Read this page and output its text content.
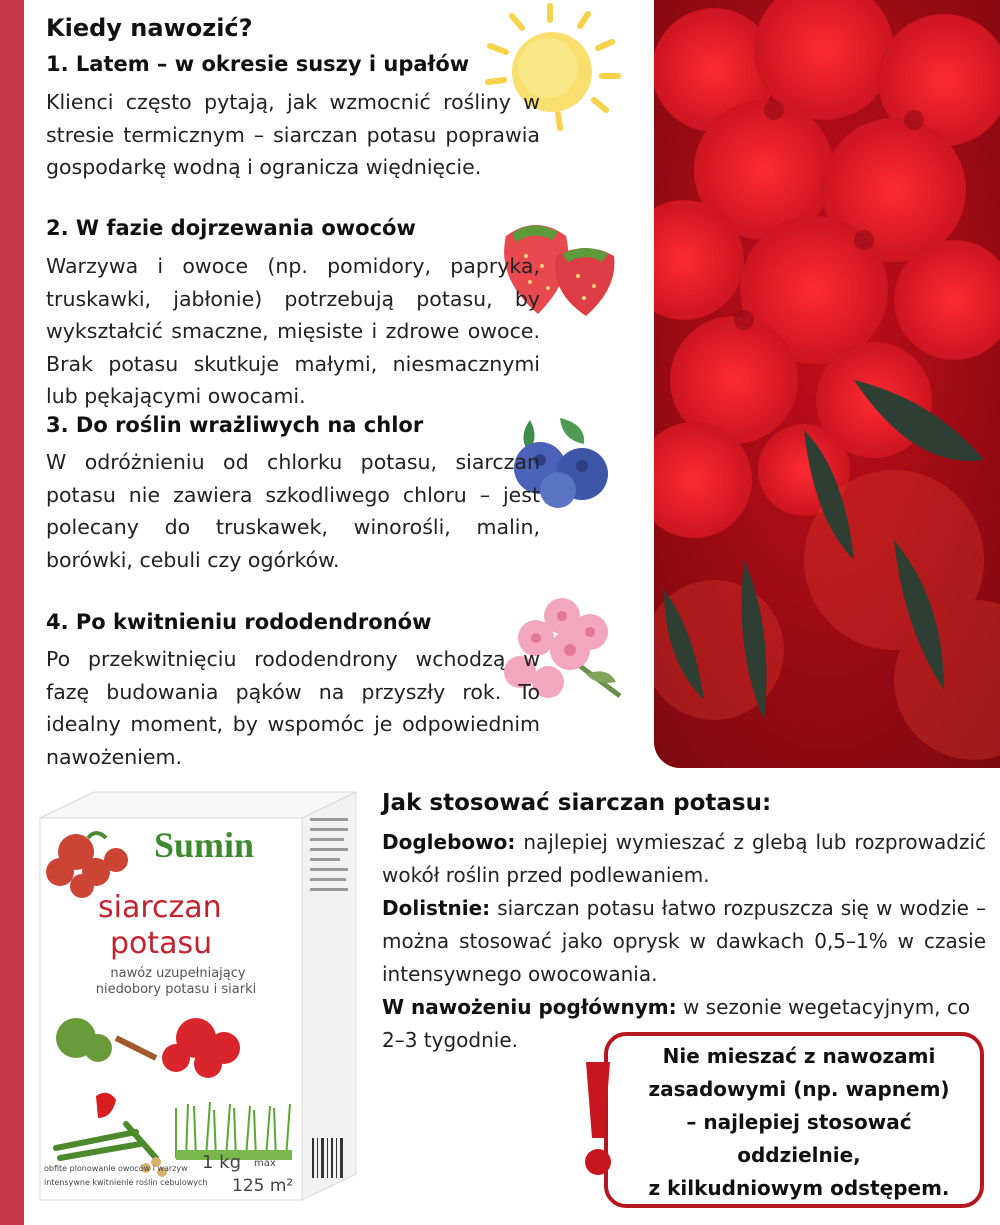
Kiedy nawozić?
1. Latem – w okresie suszy i upałów
Klienci często pytają, jak wzmocnić rośliny w stresie termicznym – siarczan potasu poprawia gospodarkę wodną i ogranicza więdnięcie.
2. W fazie dojrzewania owoców
Warzywa i owoce (np. pomidory, papryka, truskawki, jabłonie) potrzebują potasu, by wykształcić smaczne, mięsiste i zdrowe owoce. Brak potasu skutkuje małymi, niesmacznymi lub pękającymi owocami.
3. Do roślin wrażliwych na chlor
W odróżnieniu od chlorku potasu, siarczan potasu nie zawiera szkodliwego chloru – jest polecany do truskawek, winorośli, malin, borówki, cebuli czy ogórków.
4. Po kwitnieniu rododendronów
Po przekwitnięciu rododendrony wchodzą w fazę budowania pąków na przyszły rok. To idealny moment, by wspomóc je odpowiednim nawożeniem.
Sumin
siarczan
potasu
nawóz uzupełniający
niedobory potasu i siarki
obfite plonowanie owoców i warzyw
intensywne kwitnienie roślin cebulowych
1 kg max
125 m²
Jak stosować siarczan potasu:
Doglebowo: najlepiej wymieszać z glebą lub rozprowadzić wokół roślin przed podlewaniem.
Dolistnie: siarczan potasu łatwo rozpuszcza się w wodzie – można stosować jako oprysk w dawkach 0,5–1% w czasie intensywnego owocowania.
W nawożeniu pogłównym: w sezonie wegetacyjnym, co 2–3 tygodnie.
Nie mieszać z nawozami
zasadowymi (np. wapnem)
– najlepiej stosować
oddzielnie,
z kilkudniowym odstępem.
